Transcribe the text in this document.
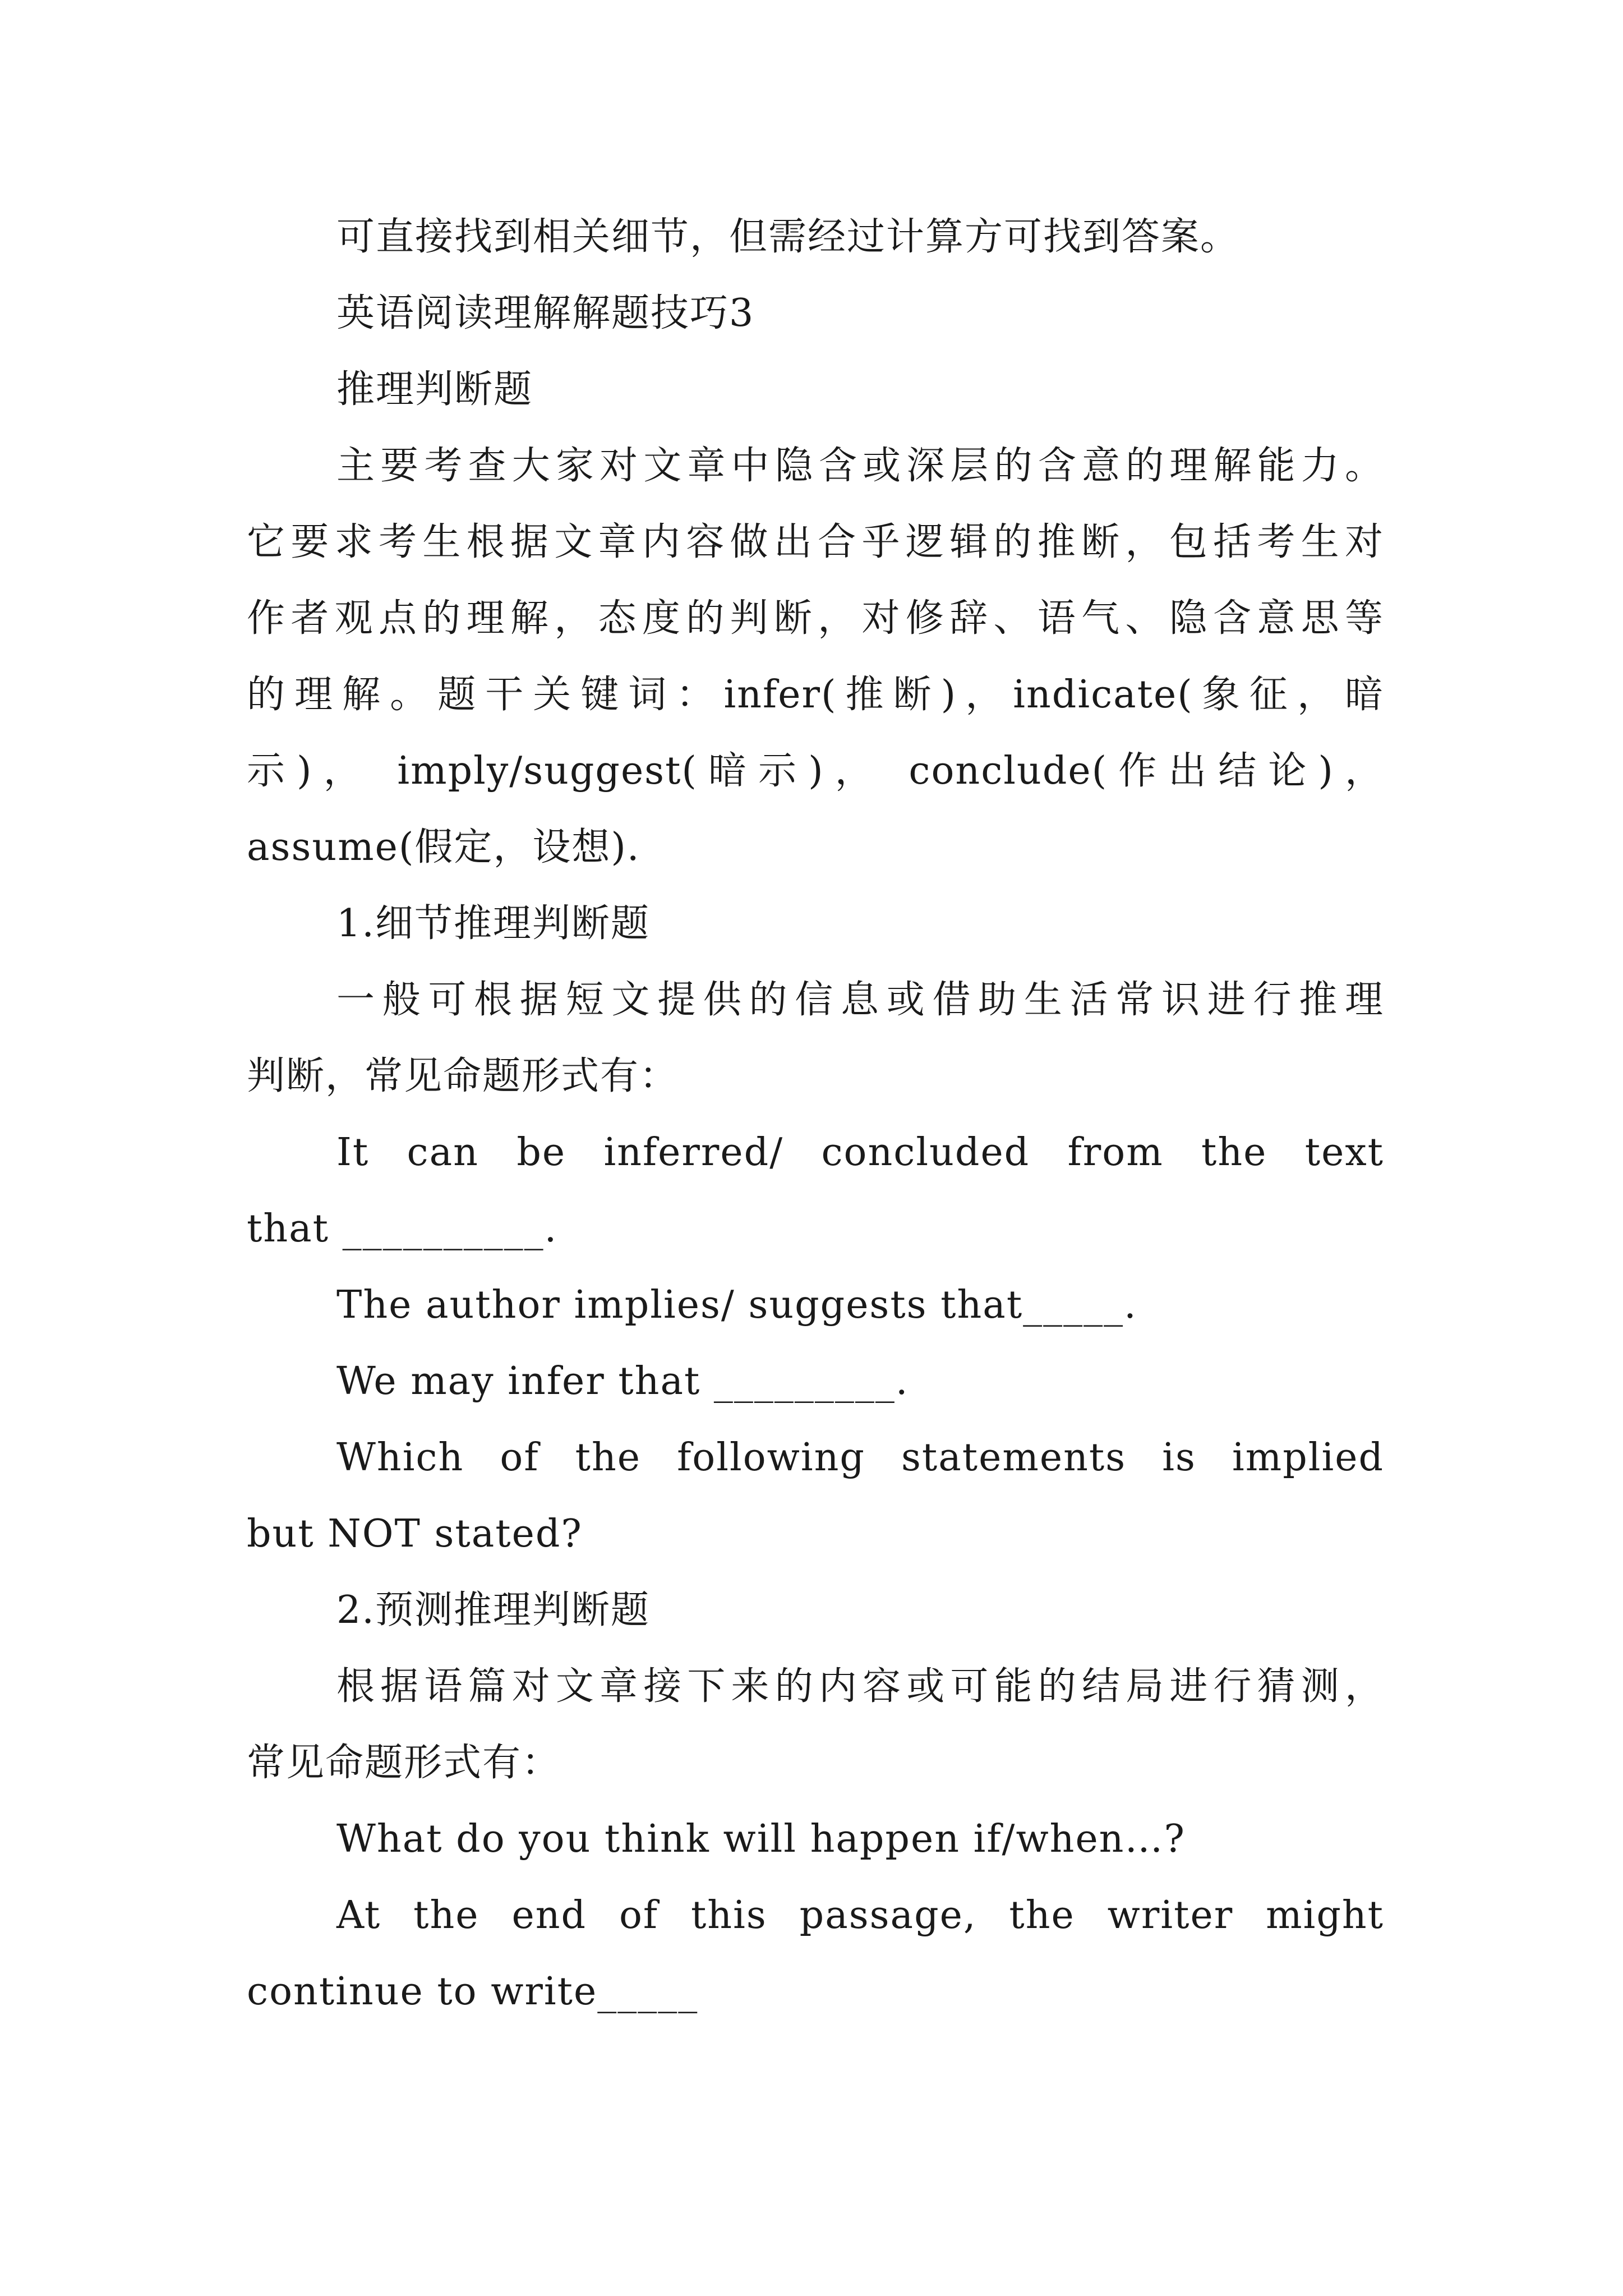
可直接找到相关细节，但需经过计算方可找到答案。
英语阅读理解解题技巧3
推理判断题
主要考查大家对文章中隐含或深层的含意的理解能力。
它要求考生根据文章内容做出合乎逻辑的推断，包括考生对
作者观点的理解，态度的判断，对修辞、语气、隐含意思等
的理解。题干关键词：infer(推断)，indicate(象征，暗
示)， imply/suggest(暗示)， conclude(作出结论)，
assume(假定，设想).
1.细节推理判断题
一般可根据短文提供的信息或借助生活常识进行推理
判断，常见命题形式有：
It can be inferred/ concluded from the text
that __________.
The author implies/ suggests that_____.
We may infer that _________.
Which of the following statements is implied
but NOT stated?
2.预测推理判断题
根据语篇对文章接下来的内容或可能的结局进行猜测，
常见命题形式有：
What do you think will happen if/when…?
At the end of this passage, the writer might
continue to write_____
